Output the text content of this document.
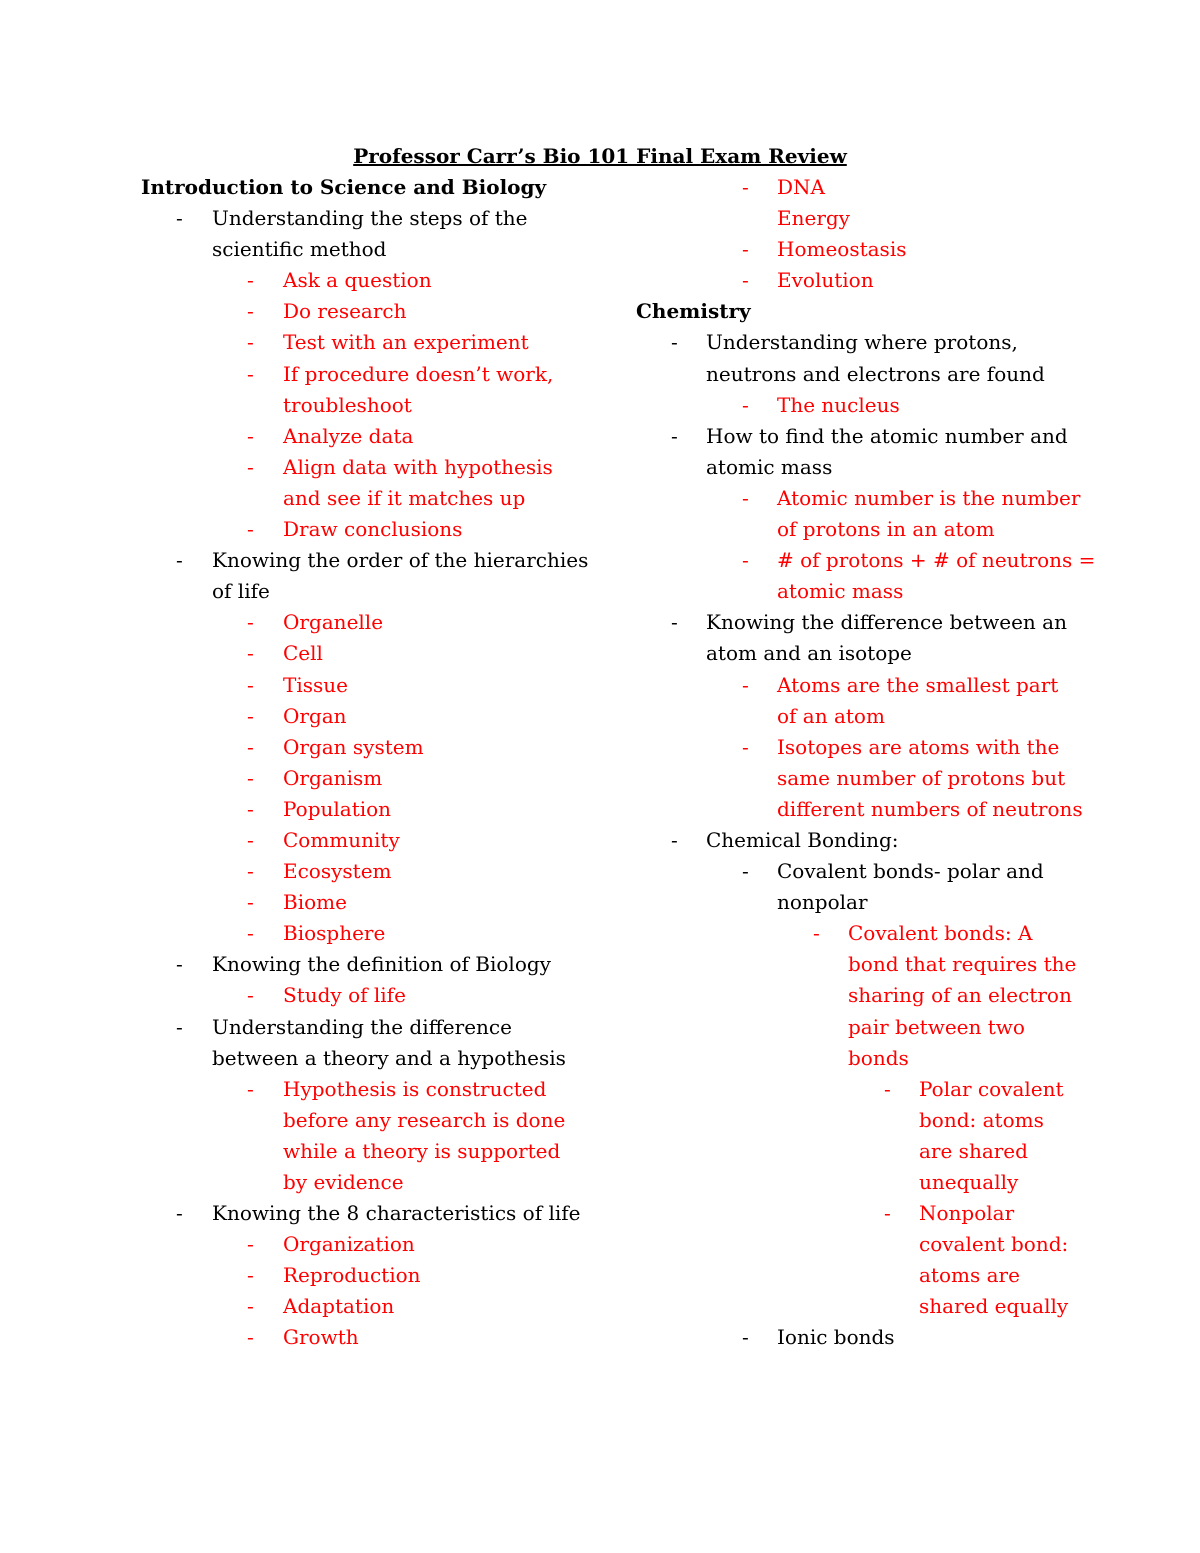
Professor Carr’s Bio 101 Final Exam Review
Introduction to Science and Biology
- Understanding the steps of the
scientific method
- Ask a question
- Do research
- Test with an experiment
- If procedure doesn’t work,
troubleshoot
- Analyze data
- Align data with hypothesis
and see if it matches up
- Draw conclusions
- Knowing the order of the hierarchies
of life
- Organelle
- Cell
- Tissue
- Organ
- Organ system
- Organism
- Population
- Community
- Ecosystem
- Biome
- Biosphere
- Knowing the definition of Biology
- Study of life
- Understanding the difference
between a theory and a hypothesis
- Hypothesis is constructed
before any research is done
while a theory is supported
by evidence
- Knowing the 8 characteristics of life
- Organization
- Reproduction
- Adaptation
- Growth
- DNA
Energy
- Homeostasis
- Evolution
Chemistry
- Understanding where protons,
neutrons and electrons are found
- The nucleus
- How to find the atomic number and
atomic mass
- Atomic number is the number
of protons in an atom
- # of protons + # of neutrons =
atomic mass
- Knowing the difference between an
atom and an isotope
- Atoms are the smallest part
of an atom
- Isotopes are atoms with the
same number of protons but
different numbers of neutrons
- Chemical Bonding:
- Covalent bonds- polar and
nonpolar
- Covalent bonds: A
bond that requires the
sharing of an electron
pair between two
bonds
- Polar covalent
bond: atoms
are shared
unequally
- Nonpolar
covalent bond:
atoms are
shared equally
- Ionic bonds
